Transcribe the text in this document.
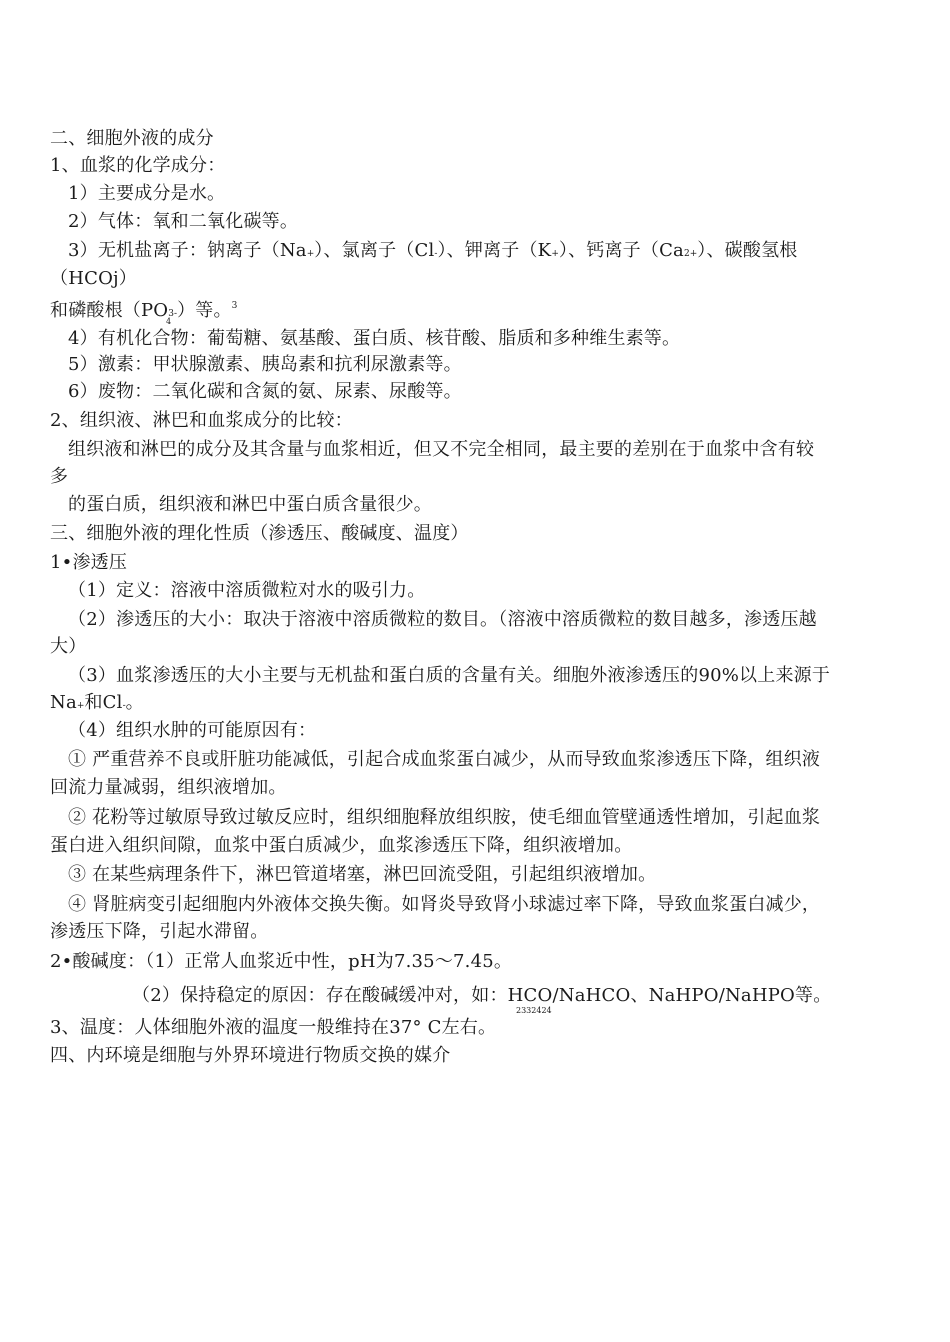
二、细胞外液的成分
1、血浆的化学成分：
1）主要成分是水。
2）气体：氧和二氧化碳等。
3）无机盐离子：钠离子（Na+）、氯离子（Cl-）、钾离子（K+）、钙离子（Ca2+）、碳酸氢根
（HCOj）
和磷酸根（PO3-）等。$^3$
4
4）有机化合物：葡萄糖、氨基酸、蛋白质、核苷酸、脂质和多种维生素等。
5）激素：甲状腺激素、胰岛素和抗利尿激素等。
6）废物：二氧化碳和含氮的氨、尿素、尿酸等。
2、组织液、淋巴和血浆成分的比较：
组织液和淋巴的成分及其含量与血浆相近，但又不完全相同，最主要的差别在于血浆中含有较
多
的蛋白质，组织液和淋巴中蛋白质含量很少。
三、细胞外液的理化性质（渗透压、酸碱度、温度）
1•渗透压
（1）定义：溶液中溶质微粒对水的吸引力。
（2）渗透压的大小：取决于溶液中溶质微粒的数目。（溶液中溶质微粒的数目越多，渗透压越
大）
（3）血浆渗透压的大小主要与无机盐和蛋白质的含量有关。细胞外液渗透压的90%以上来源于
Na+和Cl-。
（4）组织水肿的可能原因有：
① 严重营养不良或肝脏功能减低，引起合成血浆蛋白减少，从而导致血浆渗透压下降，组织液
回流力量减弱，组织液增加。
② 花粉等过敏原导致过敏反应时，组织细胞释放组织胺，使毛细血管壁通透性增加，引起血浆
蛋白进入组织间隙，血浆中蛋白质减少，血浆渗透压下降，组织液增加。
③ 在某些病理条件下，淋巴管道堵塞，淋巴回流受阻，引起组织液增加。
④ 肾脏病变引起细胞内外液体交换失衡。如肾炎导致肾小球滤过率下降，导致血浆蛋白减少，
渗透压下降，引起水滞留。
2•酸碱度：（1）正常人血浆近中性，pH为7.35〜7.45。
（2）保持稳定的原因：存在酸碱缓冲对，如：HCO/NaHCO、NaHPO/NaHPO等。
2332424
3、温度：人体细胞外液的温度一般维持在37° C左右。
四、内环境是细胞与外界环境进行物质交换的媒介
